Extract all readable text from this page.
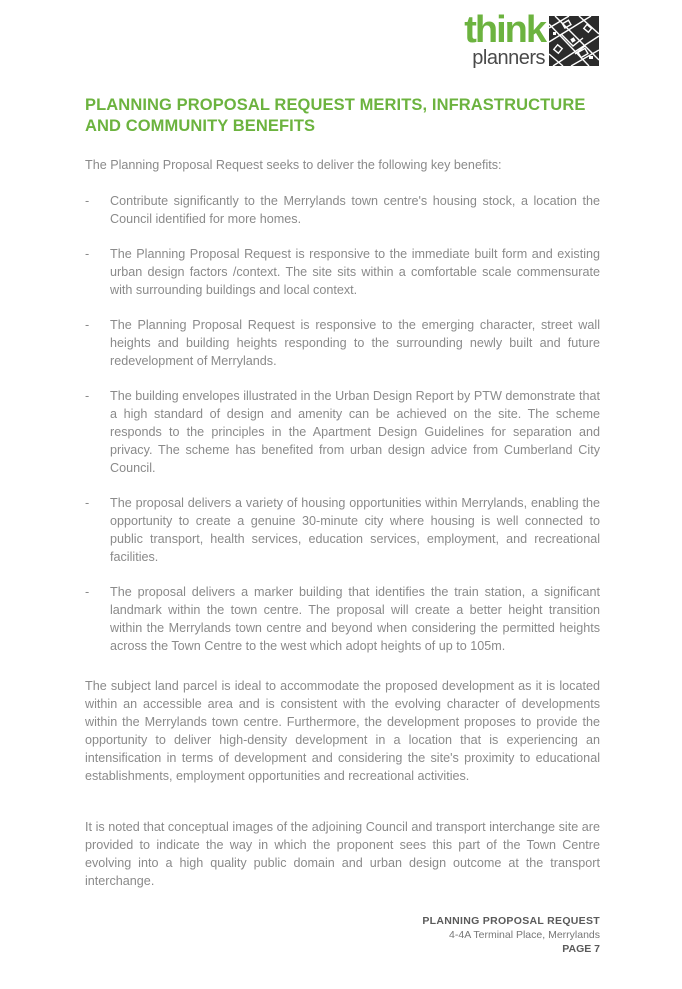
think
planners
PLANNING PROPOSAL REQUEST MERITS, INFRASTRUCTURE AND COMMUNITY BENEFITS

The Planning Proposal Request seeks to deliver the following key benefits:

-	Contribute significantly to the Merrylands town centre's housing stock, a location the Council identified for more homes.
-	The Planning Proposal Request is responsive to the immediate built form and existing urban design factors /context. The site sits within a comfortable scale commensurate with surrounding buildings and local context.
-	The Planning Proposal Request is responsive to the emerging character, street wall heights and building heights responding to the surrounding newly built and future redevelopment of Merrylands.
-	The building envelopes illustrated in the Urban Design Report by PTW demonstrate that a high standard of design and amenity can be achieved on the site. The scheme responds to the principles in the Apartment Design Guidelines for separation and privacy. The scheme has benefited from urban design advice from Cumberland City Council.
-	The proposal delivers a variety of housing opportunities within Merrylands, enabling the opportunity to create a genuine 30-minute city where housing is well connected to public transport, health services, education services, employment, and recreational facilities.
-	The proposal delivers a marker building that identifies the train station, a significant landmark within the town centre. The proposal will create a better height transition within the Merrylands town centre and beyond when considering the permitted heights across the Town Centre to the west which adopt heights of up to 105m.

The subject land parcel is ideal to accommodate the proposed development as it is located within an accessible area and is consistent with the evolving character of developments within the Merrylands town centre. Furthermore, the development proposes to provide the opportunity to deliver high-density development in a location that is experiencing an intensification in terms of development and considering the site's proximity to educational establishments, employment opportunities and recreational activities.

It is noted that conceptual images of the adjoining Council and transport interchange site are provided to indicate the way in which the proponent sees this part of the Town Centre evolving into a high quality public domain and urban design outcome at the transport interchange.

PLANNING PROPOSAL REQUEST
4-4A Terminal Place, Merrylands
PAGE 7
